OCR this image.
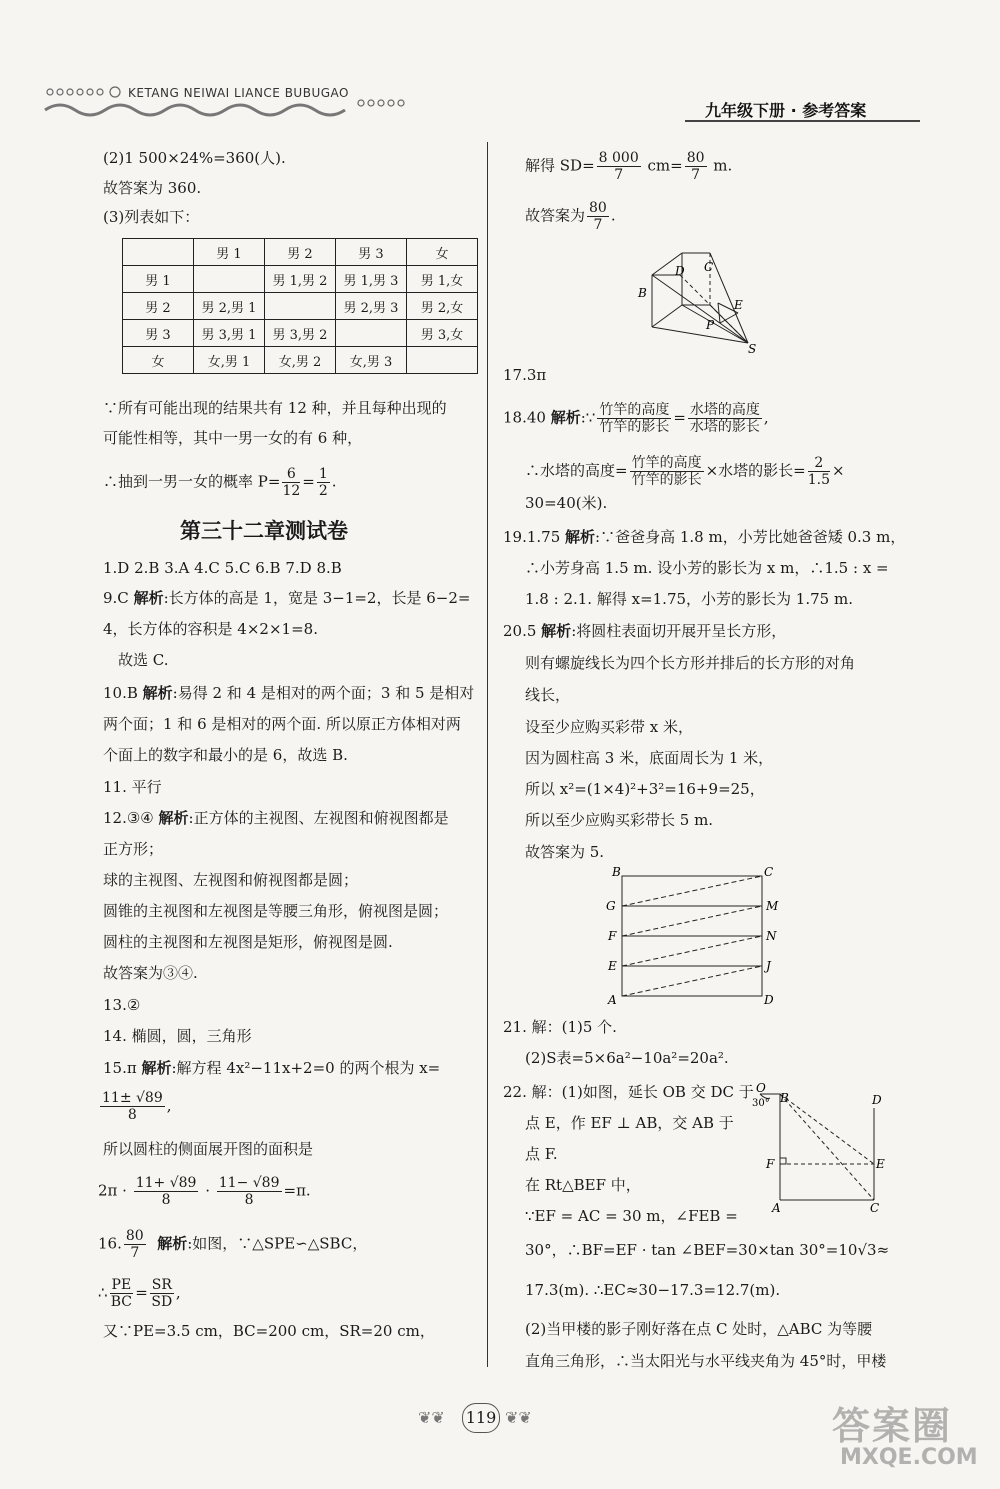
KETANG NEIWAI LIANCE BUBUGAO
九年级下册 · 参考答案
(2)1 500×24%=360(人).
故答案为 360.
(3)列表如下：
	男 1	男 2	男 3	女
男 1		男 1,男 2	男 1,男 3	男 1,女
男 2	男 2,男 1		男 2,男 3	男 2,女
男 3	男 3,男 1	男 3,男 2		男 3,女
女	女,男 1	女,男 2	女,男 3	
∵所有可能出现的结果共有 12 种，并且每种出现的
可能性相等，其中一男一女的有 6 种，
∴抽到一男一女的概率 $P= \frac{6}{12} = \frac{1}{2}$ .
第三十二章测试卷
1.D 2.B 3.A 4.C 5.C 6.B 7.D 8.B
9.C 解析:长方体的高是 1，宽是 3−1=2，长是 6−2=
4，长方体的容积是 4×2×1=8.
故选 C.
10.B 解析:易得 2 和 4 是相对的两个面；3 和 5 是相对
两个面；1 和 6 是相对的两个面. 所以原正方体相对两
个面上的数字和最小的是 6，故选 B.
11. 平行
12.③④ 解析:正方体的主视图、左视图和俯视图都是
正方形；
球的主视图、左视图和俯视图都是圆；
圆锥的主视图和左视图是等腰三角形，俯视图是圆；
圆柱的主视图和左视图是矩形，俯视图是圆.
故答案为③④.
13.②
14. 椭圆，圆，三角形
15.π 解析:解方程 4x²−11x+2=0 的两个根为 x=
$\frac{11\pm √89}{8}$ ,
所以圆柱的侧面展开图的面积是
$2\pi \cdot \frac{11+ √89}{8} \cdot \frac{11- √89}{8} =\pi$.
16. $\frac{80}{7}$ 解析:如图，∵△SPE∽△SBC，
∴ $\frac{PE}{BC} = \frac{SR}{SD}$ ,
又∵PE=3.5 cm，BC=200 cm，SR=20 cm，
解得 $SD= \frac{8 000}{7} cm= \frac{80}{7} m$.
故答案为 $\frac{80}{7}$ .
B
D C
E
P
S
17.3π
18.40 解析:∵ $\frac{\text{竹竿的高度}}{\text{竹竿的影长}} = \frac{\text{水塔的高度}}{\text{水塔的影长}}$ ,
∴水塔的高度= $\frac{\text{竹竿的高度}}{\text{竹竿的影长}}$ ×水塔的影长= $\frac{2}{1.5}$ ×
30=40(米).
19.1.75 解析:∵爸爸身高 1.8 m，小芳比她爸爸矮 0.3 m，
∴小芳身高 1.5 m. 设小芳的影长为 x m，∴1.5 : x =
1.8 : 2.1. 解得 x=1.75，小芳的影长为 1.75 m.
20.5 解析:将圆柱表面切开展开呈长方形，
则有螺旋线长为四个长方形并排后的长方形的对角
线长，
设至少应购买彩带 x 米，
因为圆柱高 3 米，底面周长为 1 米，
所以 x²=(1×4)²+3²=16+9=25，
所以至少应购买彩带长 5 m.
故答案为 5.
B	C
G	M
F	N
E	J
A	D
21. 解：(1)5 个.
(2)S表=5×6a²−10a²=20a².
22. 解：(1)如图，延长 OB 交 DC 于
点 E，作 EF ⊥ AB，交 AB 于
点 F.
在 Rt△BEF 中，
∵EF = AC = 30 m，∠FEB =
O
B
30°	D
F	E
A	C
30°，∴BF=EF · tan ∠BEF=30×tan 30°=10√3≈
17.3(m). ∴EC≈30−17.3=12.7(m).
(2)当甲楼的影子刚好落在点 C 处时，△ABC 为等腰
直角三角形，∴当太阳光与水平线夹角为 45°时，甲楼
❦❦ 119 ❦❦	答案圈
MXQE.COM
